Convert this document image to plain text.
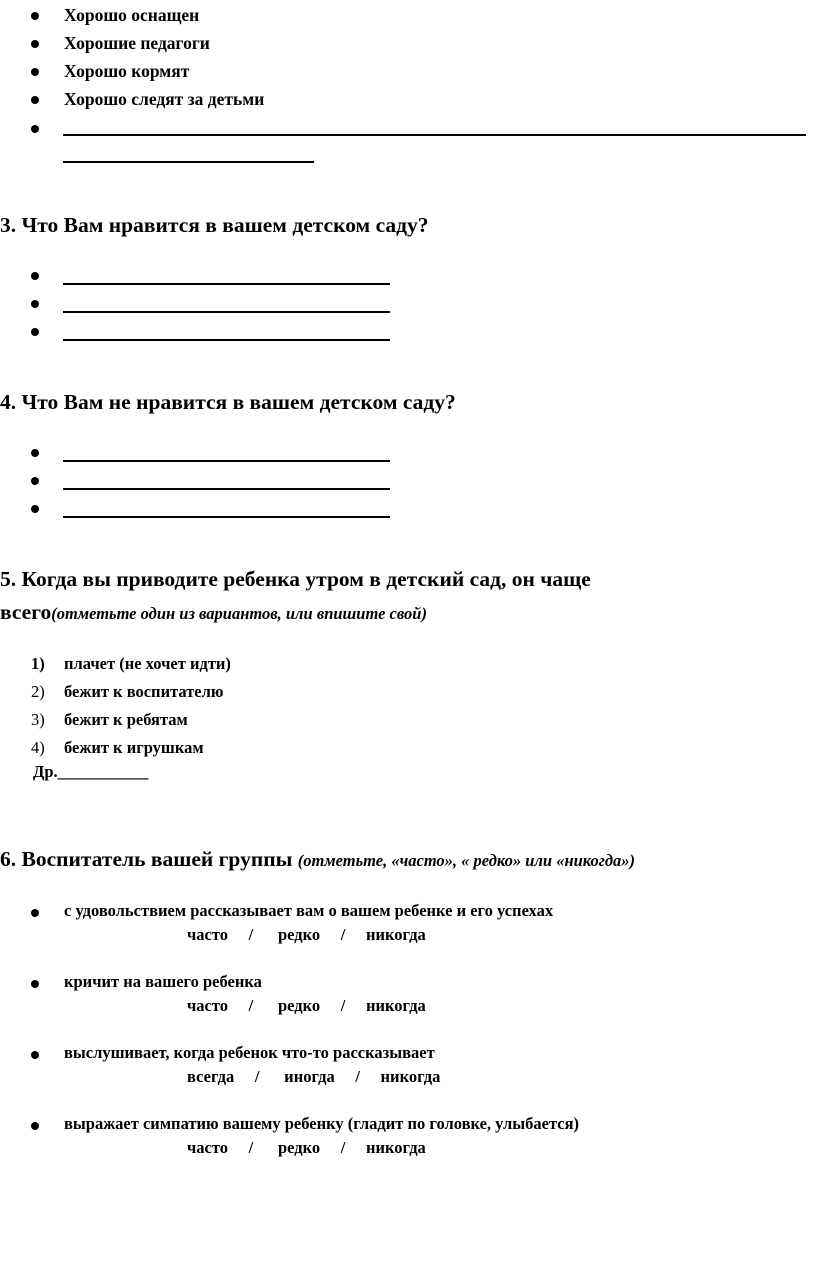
Хорошо оснащен
Хорошие педагоги
Хорошо кормят
Хорошо следят за детьми
3. Что Вам нравится в вашем детском саду?
4. Что Вам не нравится в вашем детском саду?
5. Когда вы приводите ребенка утром в детский сад, он чаще
всего(отметьте один из вариантов, или впишите свой)
1) плачет (не хочет идти)
2) бежит к воспитателю
3) бежит к ребятам
4) бежит к игрушкам
Др.___________
6. Воспитатель вашей группы (отметьте, «часто», « редко» или «никогда»)
с удовольствием рассказывает вам о вашем ребенке и его успехах
часто     /      редко     /     никогда
кричит на вашего ребенка
часто     /      редко     /     никогда
выслушивает, когда ребенок что-то рассказывает
всегда     /      иногда     /     никогда
выражает симпатию вашему ребенку (гладит по головке, улыбается)
часто     /      редко     /     никогда
